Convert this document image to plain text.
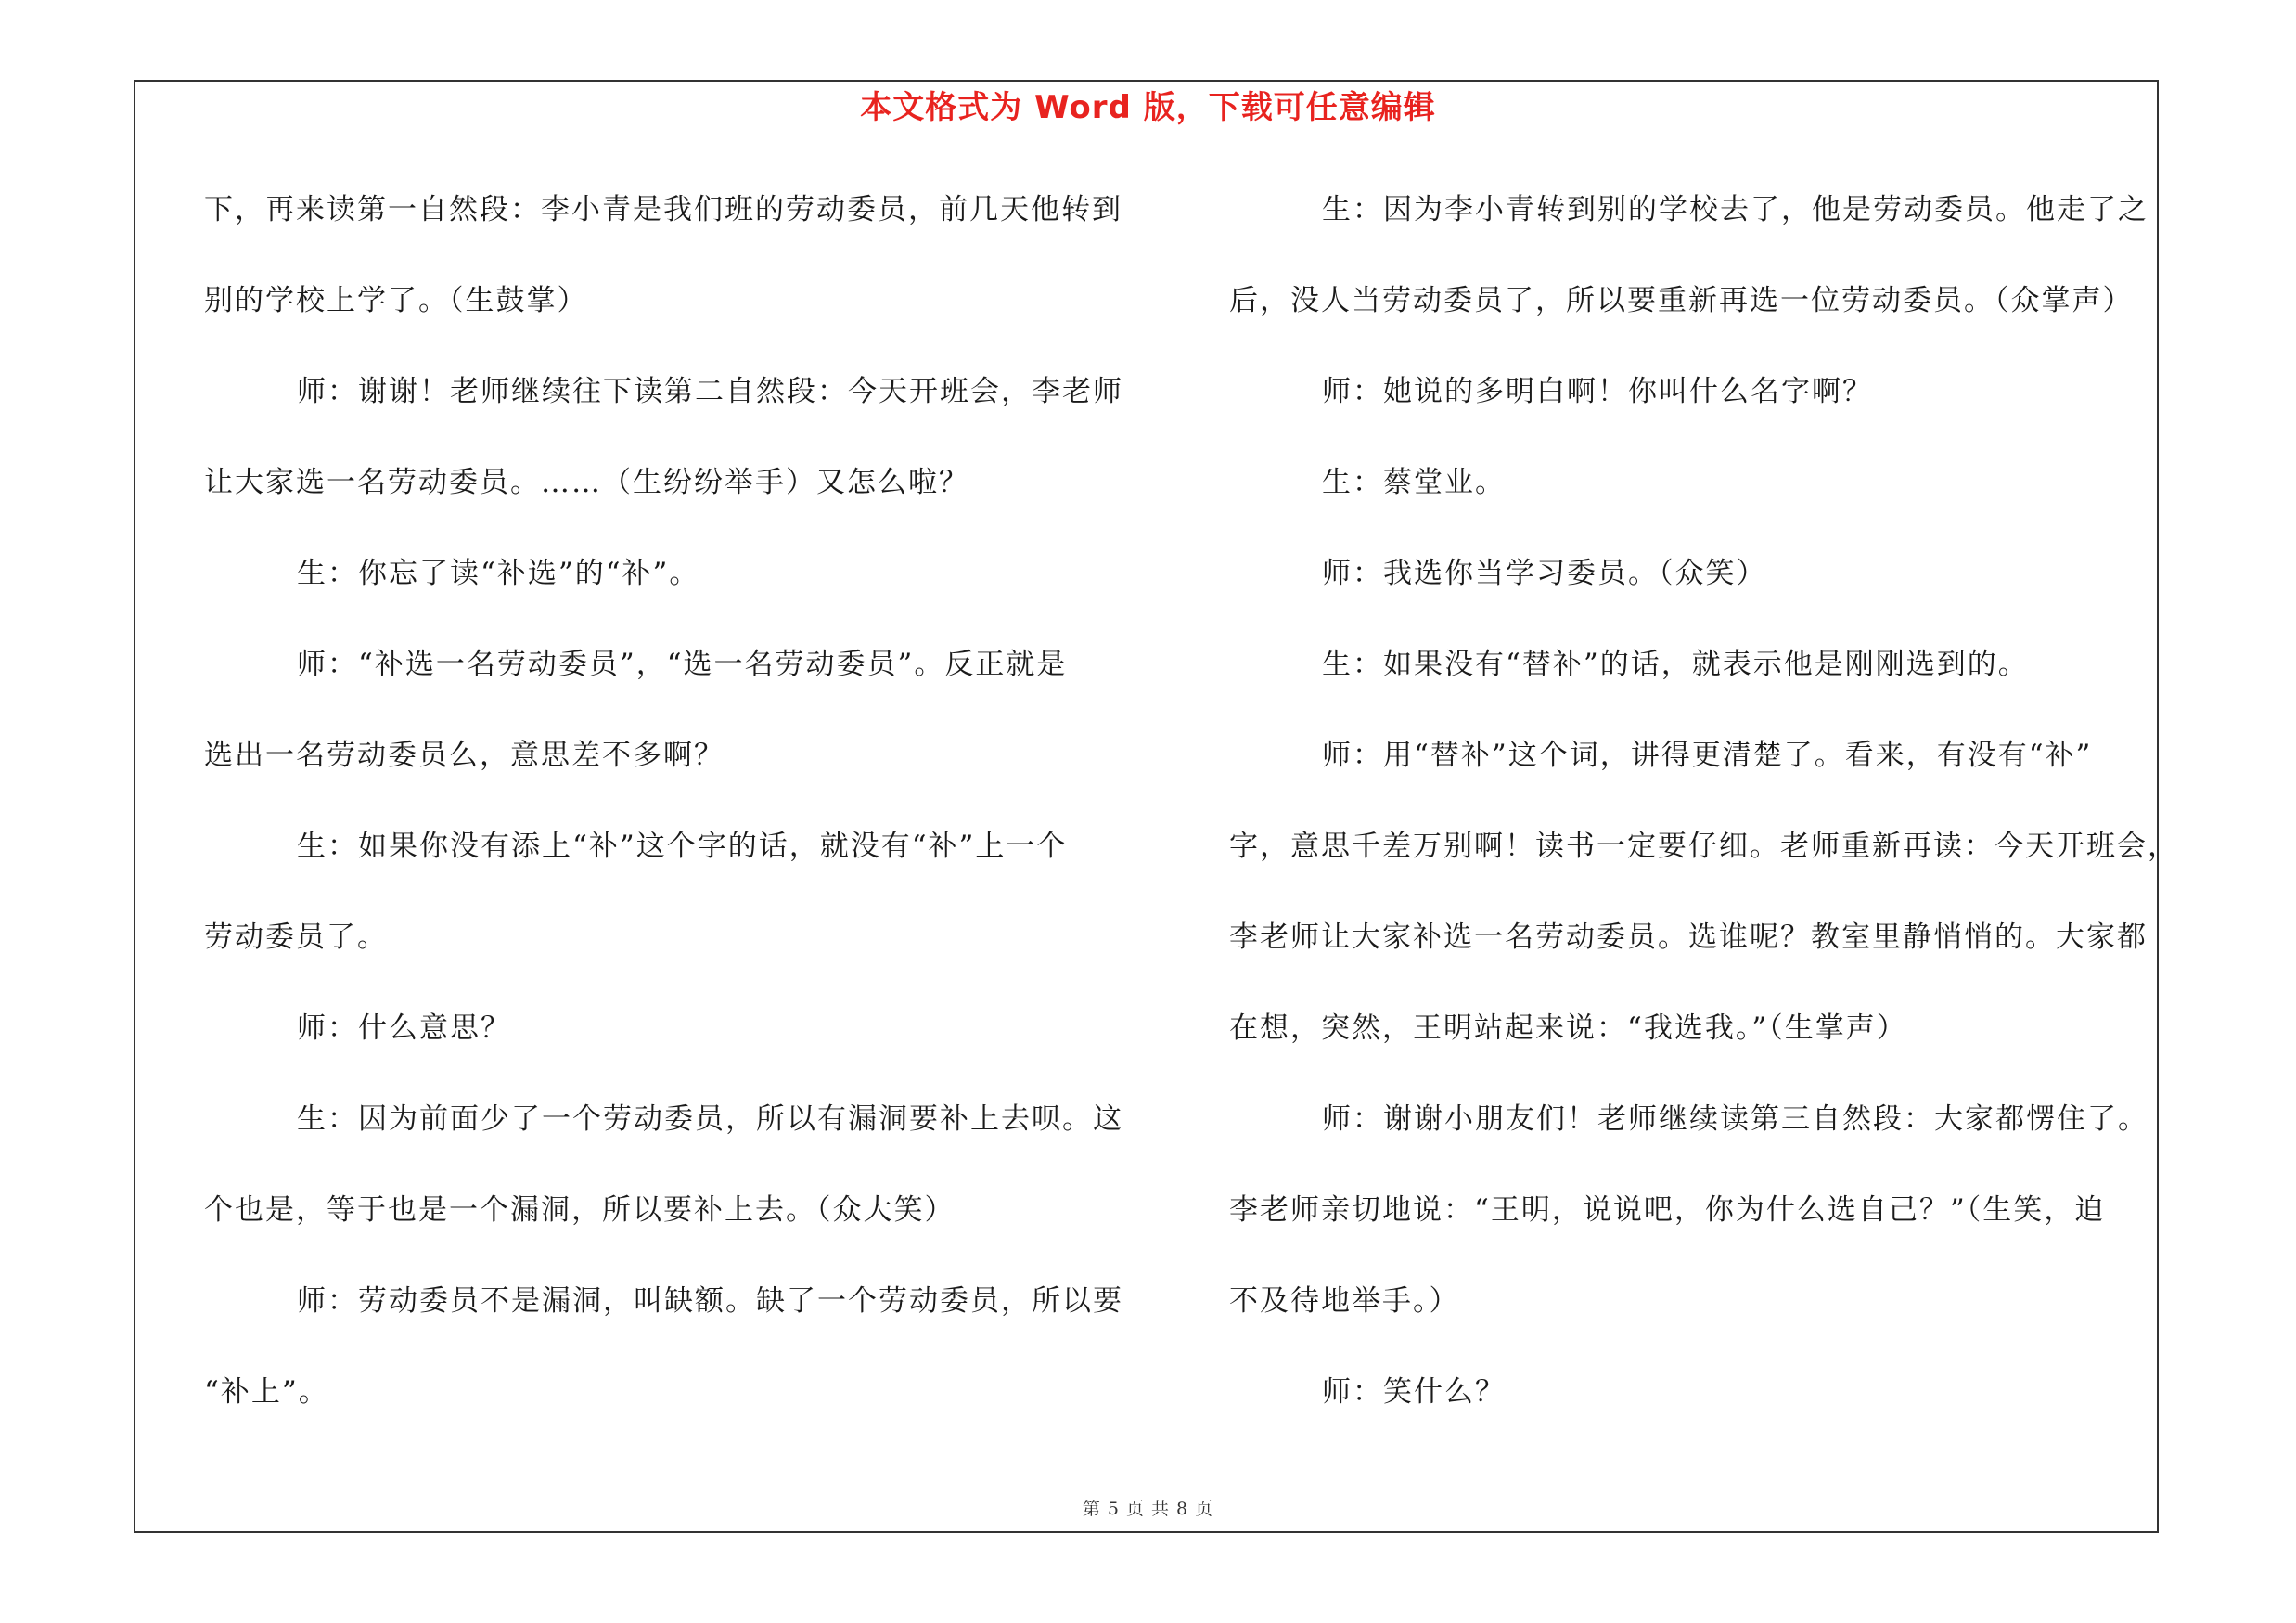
本文格式为 Word 版，下载可任意编辑
下，再来读第一自然段：李小青是我们班的劳动委员，前几天他转到
别的学校上学了。（生鼓掌）
师：谢谢！老师继续往下读第二自然段：今天开班会，李老师
让大家选一名劳动委员。……（生纷纷举手）又怎么啦？
生：你忘了读“补选”的“补”。
师：“补选一名劳动委员”，“选一名劳动委员”。反正就是
选出一名劳动委员么，意思差不多啊？
生：如果你没有添上“补”这个字的话，就没有“补”上一个
劳动委员了。
师：什么意思？
生：因为前面少了一个劳动委员，所以有漏洞要补上去呗。这
个也是，等于也是一个漏洞，所以要补上去。（众大笑）
师：劳动委员不是漏洞，叫缺额。缺了一个劳动委员，所以要
“补上”。
生：因为李小青转到别的学校去了，他是劳动委员。他走了之
后，没人当劳动委员了，所以要重新再选一位劳动委员。（众掌声）
师：她说的多明白啊！你叫什么名字啊？
生：蔡堂业。
师：我选你当学习委员。（众笑）
生：如果没有“替补”的话，就表示他是刚刚选到的。
师：用“替补”这个词，讲得更清楚了。看来，有没有“补”
字，意思千差万别啊！读书一定要仔细。老师重新再读：今天开班会，
李老师让大家补选一名劳动委员。选谁呢？教室里静悄悄的。大家都
在想，突然，王明站起来说：“我选我。”（生掌声）
师：谢谢小朋友们！老师继续读第三自然段：大家都愣住了。
李老师亲切地说：“王明，说说吧，你为什么选自己？”（生笑，迫
不及待地举手。）
师：笑什么？
第 5 页 共 8 页
